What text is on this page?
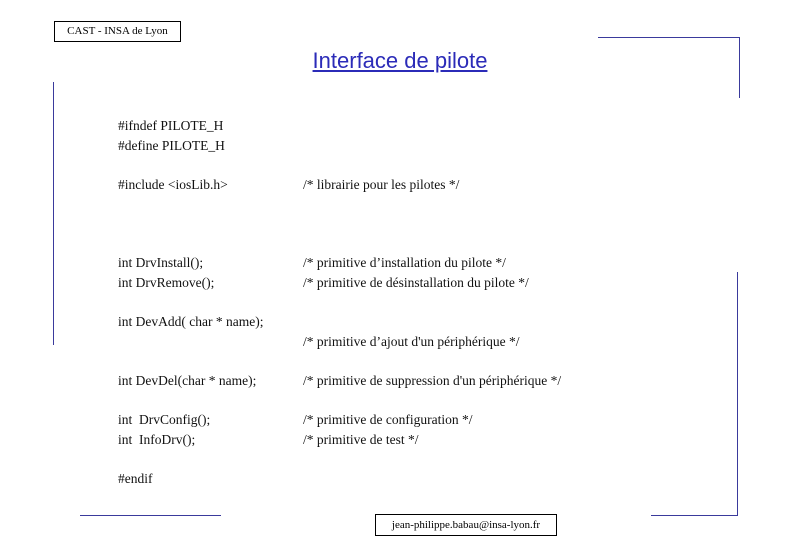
CAST - INSA de Lyon
Interface de pilote
#ifndef PILOTE_H
#define PILOTE_H
#include <iosLib.h>	/* librairie pour les pilotes */
int DrvInstall();	/* primitive d’installation du pilote */
int DrvRemove();	/* primitive de désinstallation du pilote */
int DevAdd( char * name);
/* primitive d’ajout d'un périphérique */
int DevDel(char * name);	/* primitive de suppression d'un périphérique */
int  DrvConfig();	/* primitive de configuration */
int  InfoDrv();	/* primitive de test */
#endif
jean-philippe.babau@insa-lyon.fr
